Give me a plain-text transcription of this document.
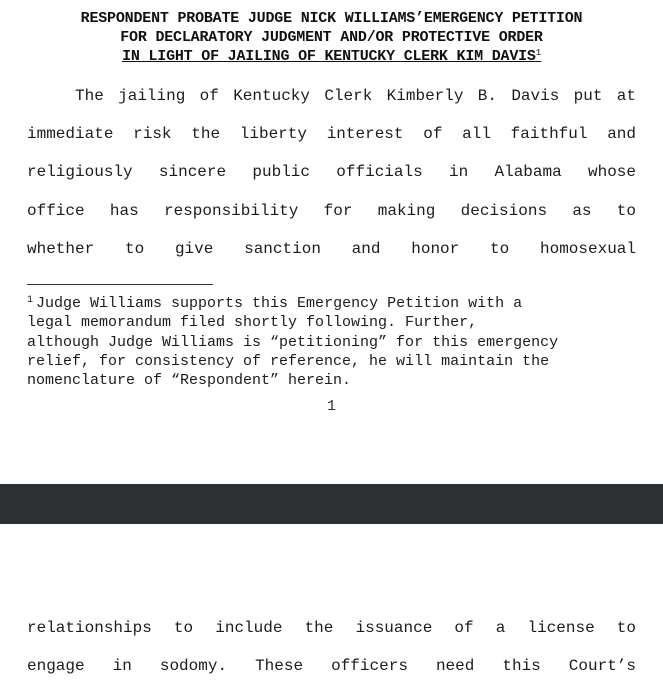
RESPONDENT PROBATE JUDGE NICK WILLIAMS’EMERGENCY PETITION
FOR DECLARATORY JUDGMENT AND/OR PROTECTIVE ORDER
IN LIGHT OF JAILING OF KENTUCKY CLERK KIM DAVIS$^1$
The jailing of Kentucky Clerk Kimberly B. Davis put at
immediate risk the liberty interest of all faithful and
religiously sincere public officials in Alabama whose
office has responsibility for making decisions as to
whether to give sanction and honor to homosexual
$^1$ Judge Williams supports this Emergency Petition with a
legal memorandum filed shortly following. Further,
although Judge Williams is “petitioning” for this emergency
relief, for consistency of reference, he will maintain the
nomenclature of “Respondent” herein.
1
relationships to include the issuance of a license to
engage in sodomy. These officers need this Court’s
